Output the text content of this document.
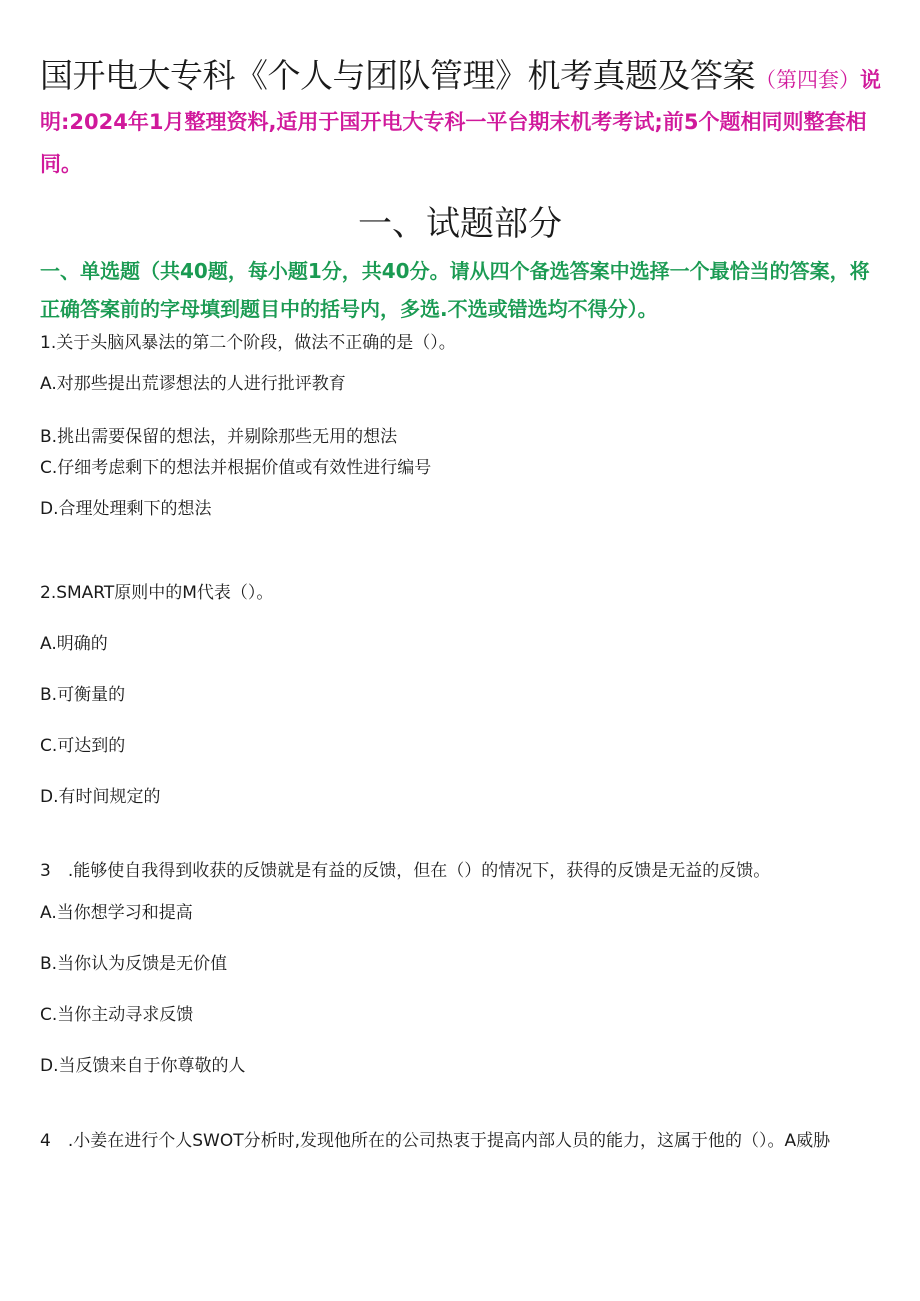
国开电大专科《个人与团队管理》机考真题及答案（第四套）说明:2024年1月整理资料,适用于国开电大专科一平台期末机考考试;前5个题相同则整套相同。
一、试题部分
一、单选题（共40题，每小题1分，共40分。请从四个备选答案中选择一个最恰当的答案，将正确答案前的字母填到题目中的括号内，多选.不选或错选均不得分）。
1.关于头脑风暴法的第二个阶段，做法不正确的是（）。
A.对那些提出荒谬想法的人进行批评教育
B.挑出需要保留的想法，并剔除那些无用的想法
C.仔细考虑剩下的想法并根据价值或有效性进行编号
D.合理处理剩下的想法
2.SMART原则中的M代表（）。
A.明确的
B.可衡量的
C.可达到的
D.有时间规定的
3　.能够使自我得到收获的反馈就是有益的反馈，但在（）的情况下，获得的反馈是无益的反馈。
A.当你想学习和提高
B.当你认为反馈是无价值
C.当你主动寻求反馈
D.当反馈来自于你尊敬的人
4　.小姜在进行个人SWOT分析时,发现他所在的公司热衷于提高内部人员的能力，这属于他的（）。A威胁
